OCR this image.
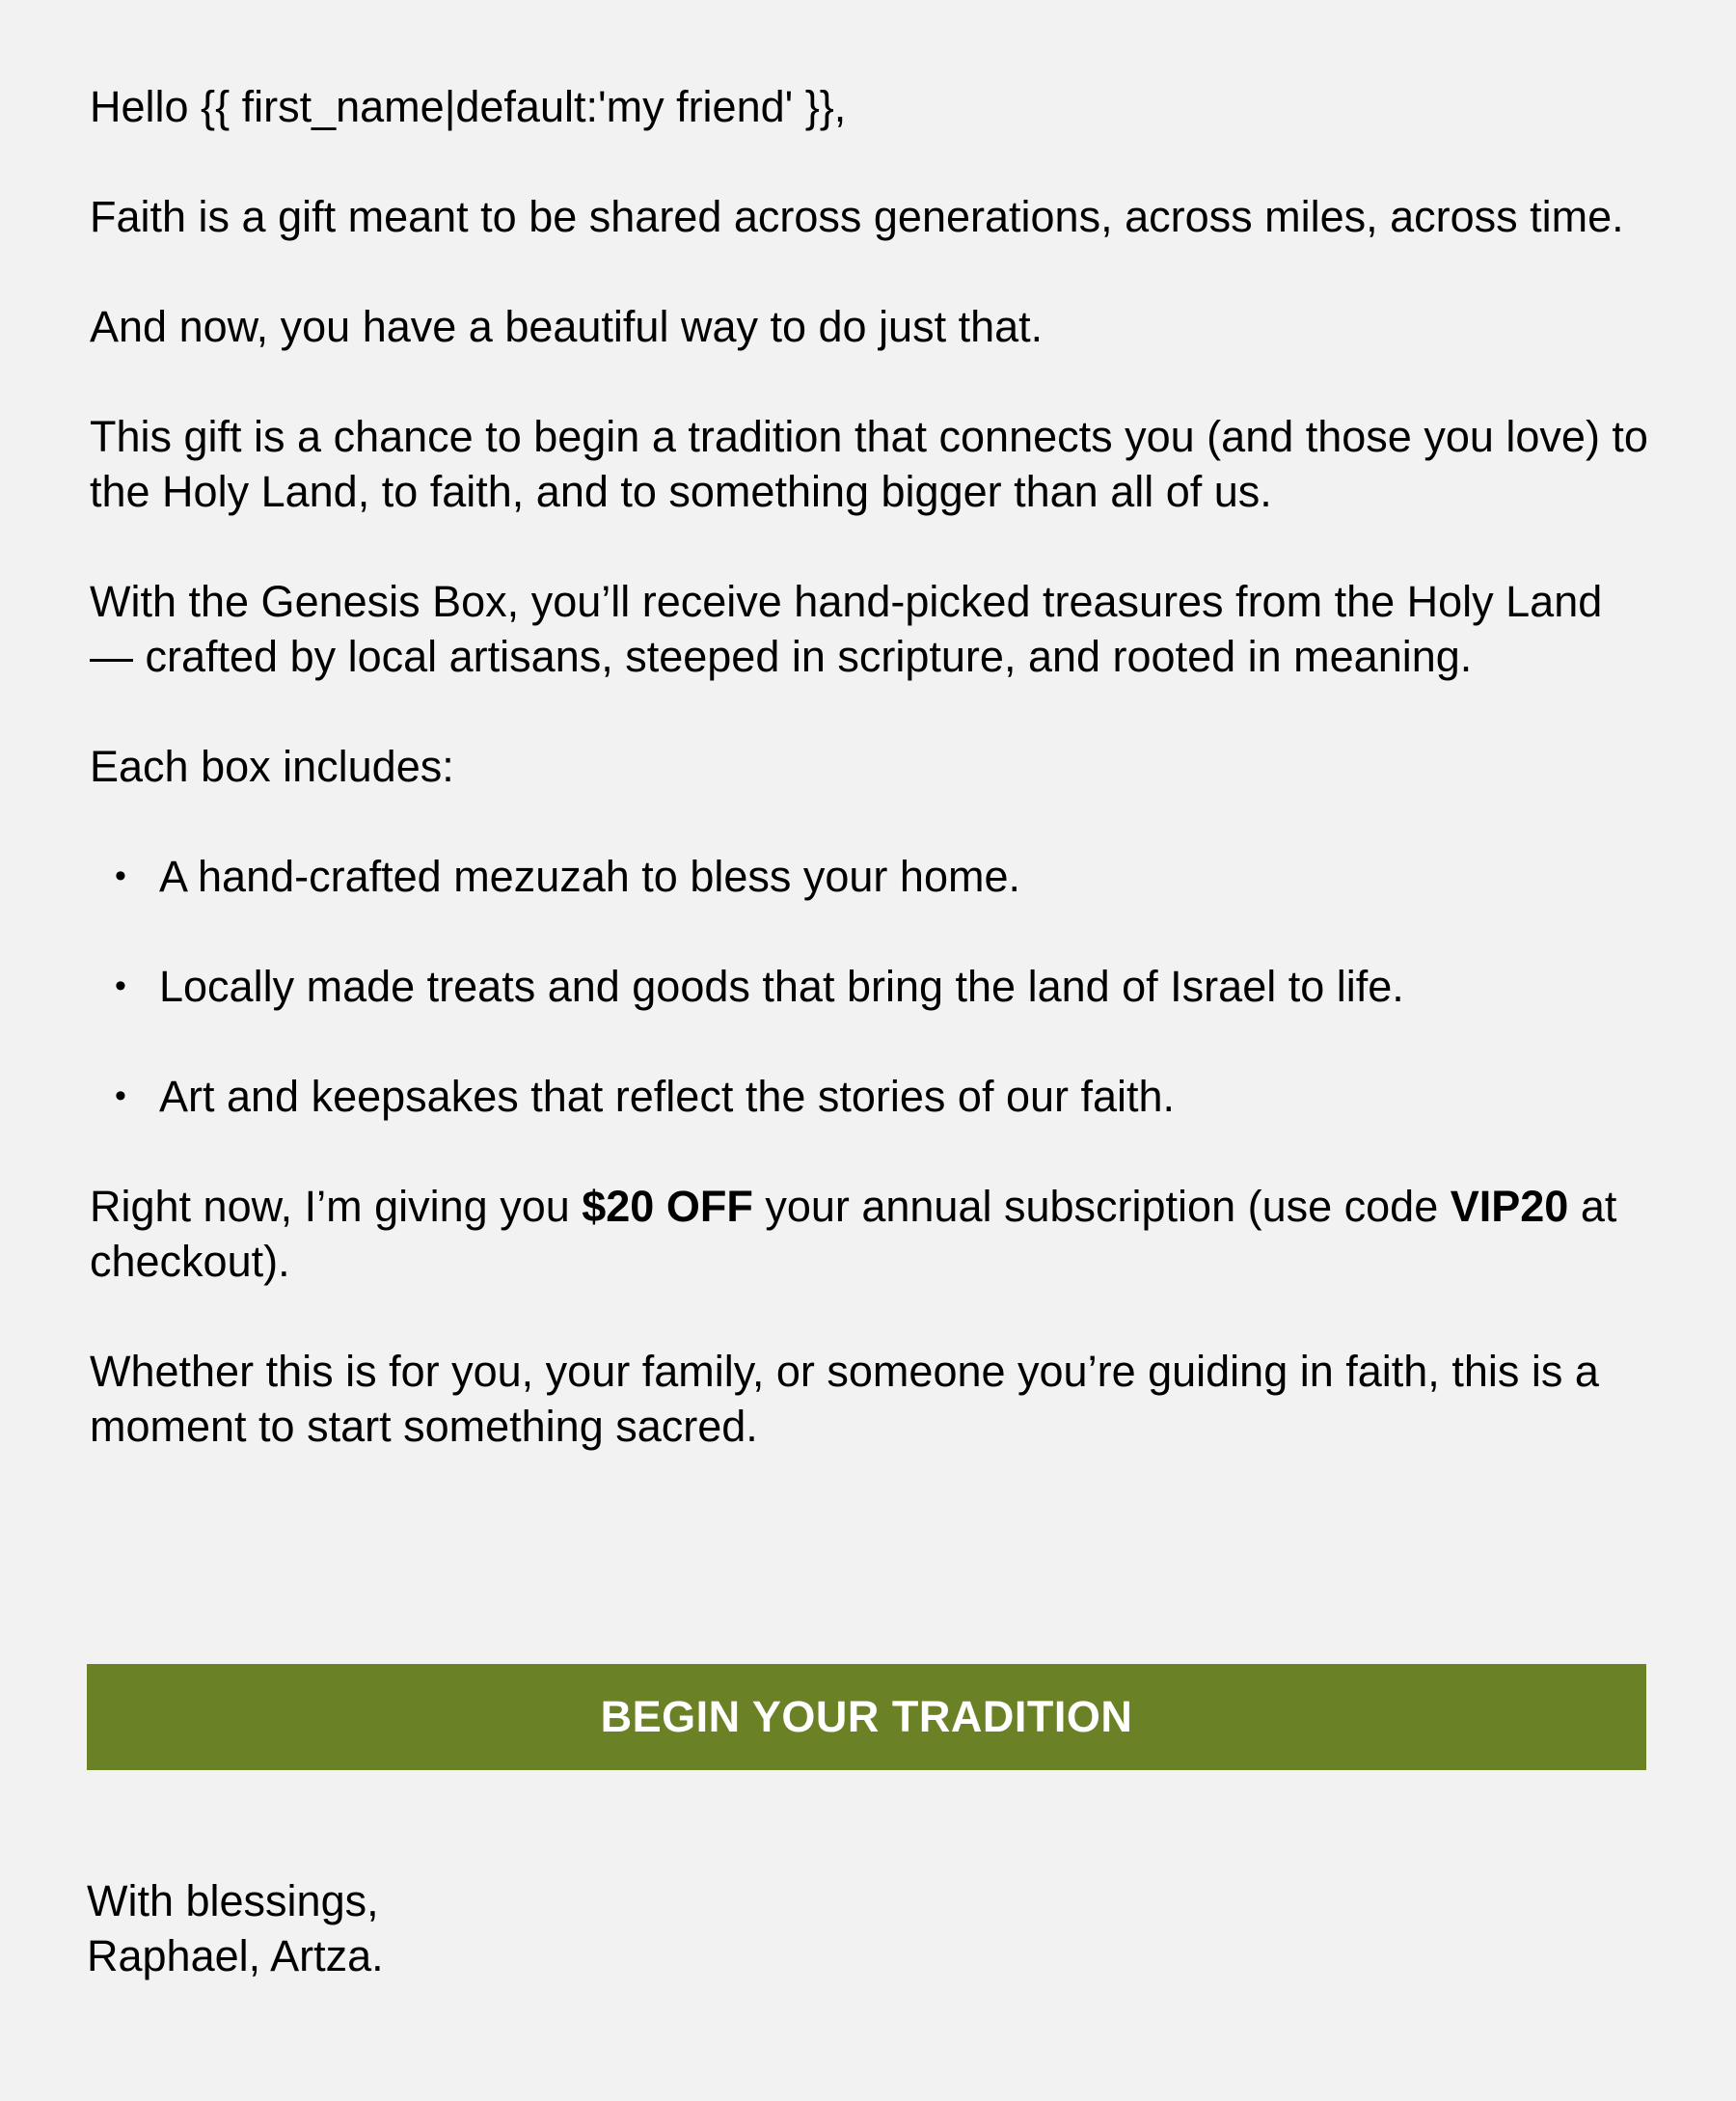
Hello {{ first_name|default:'my friend' }},

Faith is a gift meant to be shared across generations, across miles, across time.

And now, you have a beautiful way to do just that.

This gift is a chance to begin a tradition that connects you (and those you love) to the Holy Land, to faith, and to something bigger than all of us.

With the Genesis Box, you’ll receive hand-picked treasures from the Holy Land — crafted by local artisans, steeped in scripture, and rooted in meaning.

Each box includes:

• A hand-crafted mezuzah to bless your home.
• Locally made treats and goods that bring the land of Israel to life.
• Art and keepsakes that reflect the stories of our faith.

Right now, I’m giving you $20 OFF your annual subscription (use code VIP20 at checkout).

Whether this is for you, your family, or someone you’re guiding in faith, this is a moment to start something sacred.

BEGIN YOUR TRADITION
With blessings,
Raphael, Artza.
